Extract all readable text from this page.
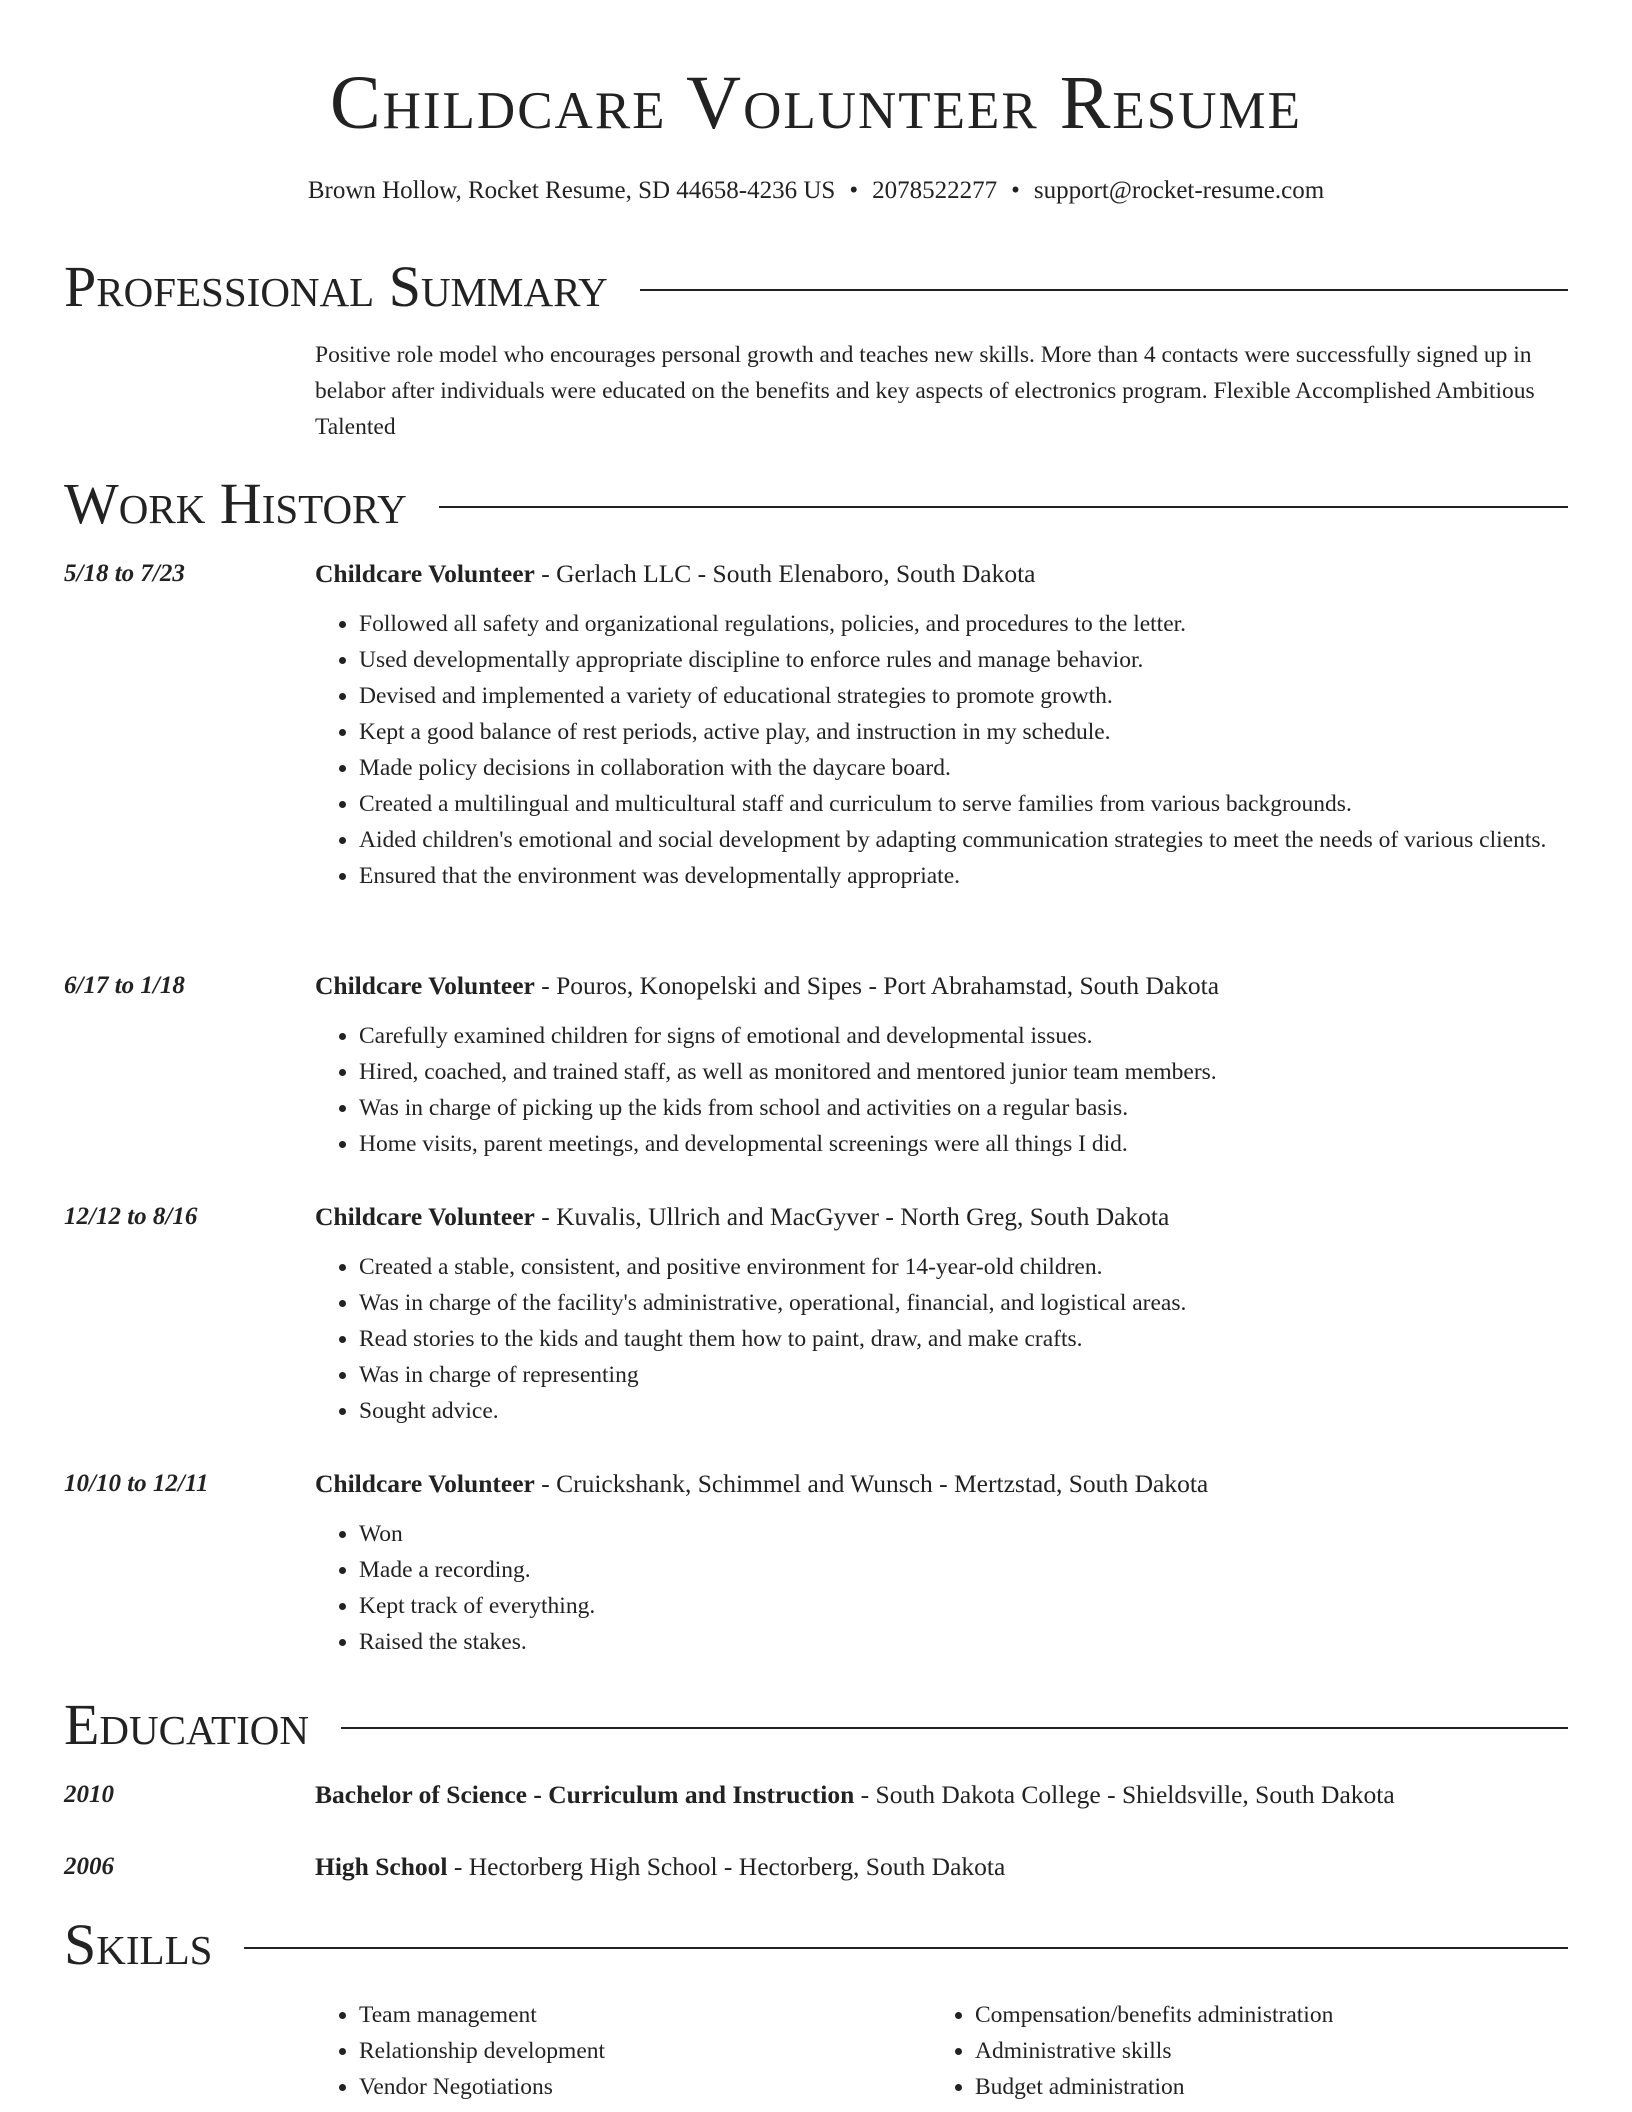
Childcare Volunteer Resume
Brown Hollow, Rocket Resume, SD 44658-4236 US • 2078522277 • support@rocket-resume.com
Professional Summary
Positive role model who encourages personal growth and teaches new skills. More than 4 contacts were successfully signed up in belabor after individuals were educated on the benefits and key aspects of electronics program. Flexible Accomplished Ambitious Talented
Work History
5/18 to 7/23	Childcare Volunteer - Gerlach LLC - South Elenaboro, South Dakota
• Followed all safety and organizational regulations, policies, and procedures to the letter.
• Used developmentally appropriate discipline to enforce rules and manage behavior.
• Devised and implemented a variety of educational strategies to promote growth.
• Kept a good balance of rest periods, active play, and instruction in my schedule.
• Made policy decisions in collaboration with the daycare board.
• Created a multilingual and multicultural staff and curriculum to serve families from various backgrounds.
• Aided children's emotional and social development by adapting communication strategies to meet the needs of various clients.
• Ensured that the environment was developmentally appropriate.
6/17 to 1/18	Childcare Volunteer - Pouros, Konopelski and Sipes - Port Abrahamstad, South Dakota
• Carefully examined children for signs of emotional and developmental issues.
• Hired, coached, and trained staff, as well as monitored and mentored junior team members.
• Was in charge of picking up the kids from school and activities on a regular basis.
• Home visits, parent meetings, and developmental screenings were all things I did.
12/12 to 8/16	Childcare Volunteer - Kuvalis, Ullrich and MacGyver - North Greg, South Dakota
• Created a stable, consistent, and positive environment for 14-year-old children.
• Was in charge of the facility's administrative, operational, financial, and logistical areas.
• Read stories to the kids and taught them how to paint, draw, and make crafts.
• Was in charge of representing
• Sought advice.
10/10 to 12/11	Childcare Volunteer - Cruickshank, Schimmel and Wunsch - Mertzstad, South Dakota
• Won
• Made a recording.
• Kept track of everything.
• Raised the stakes.
Education
2010	Bachelor of Science - Curriculum and Instruction - South Dakota College - Shieldsville, South Dakota
2006	High School - Hectorberg High School - Hectorberg, South Dakota
Skills
• Team management
• Relationship development
• Vendor Negotiations
• Compensation/benefits administration
• Administrative skills
• Budget administration
